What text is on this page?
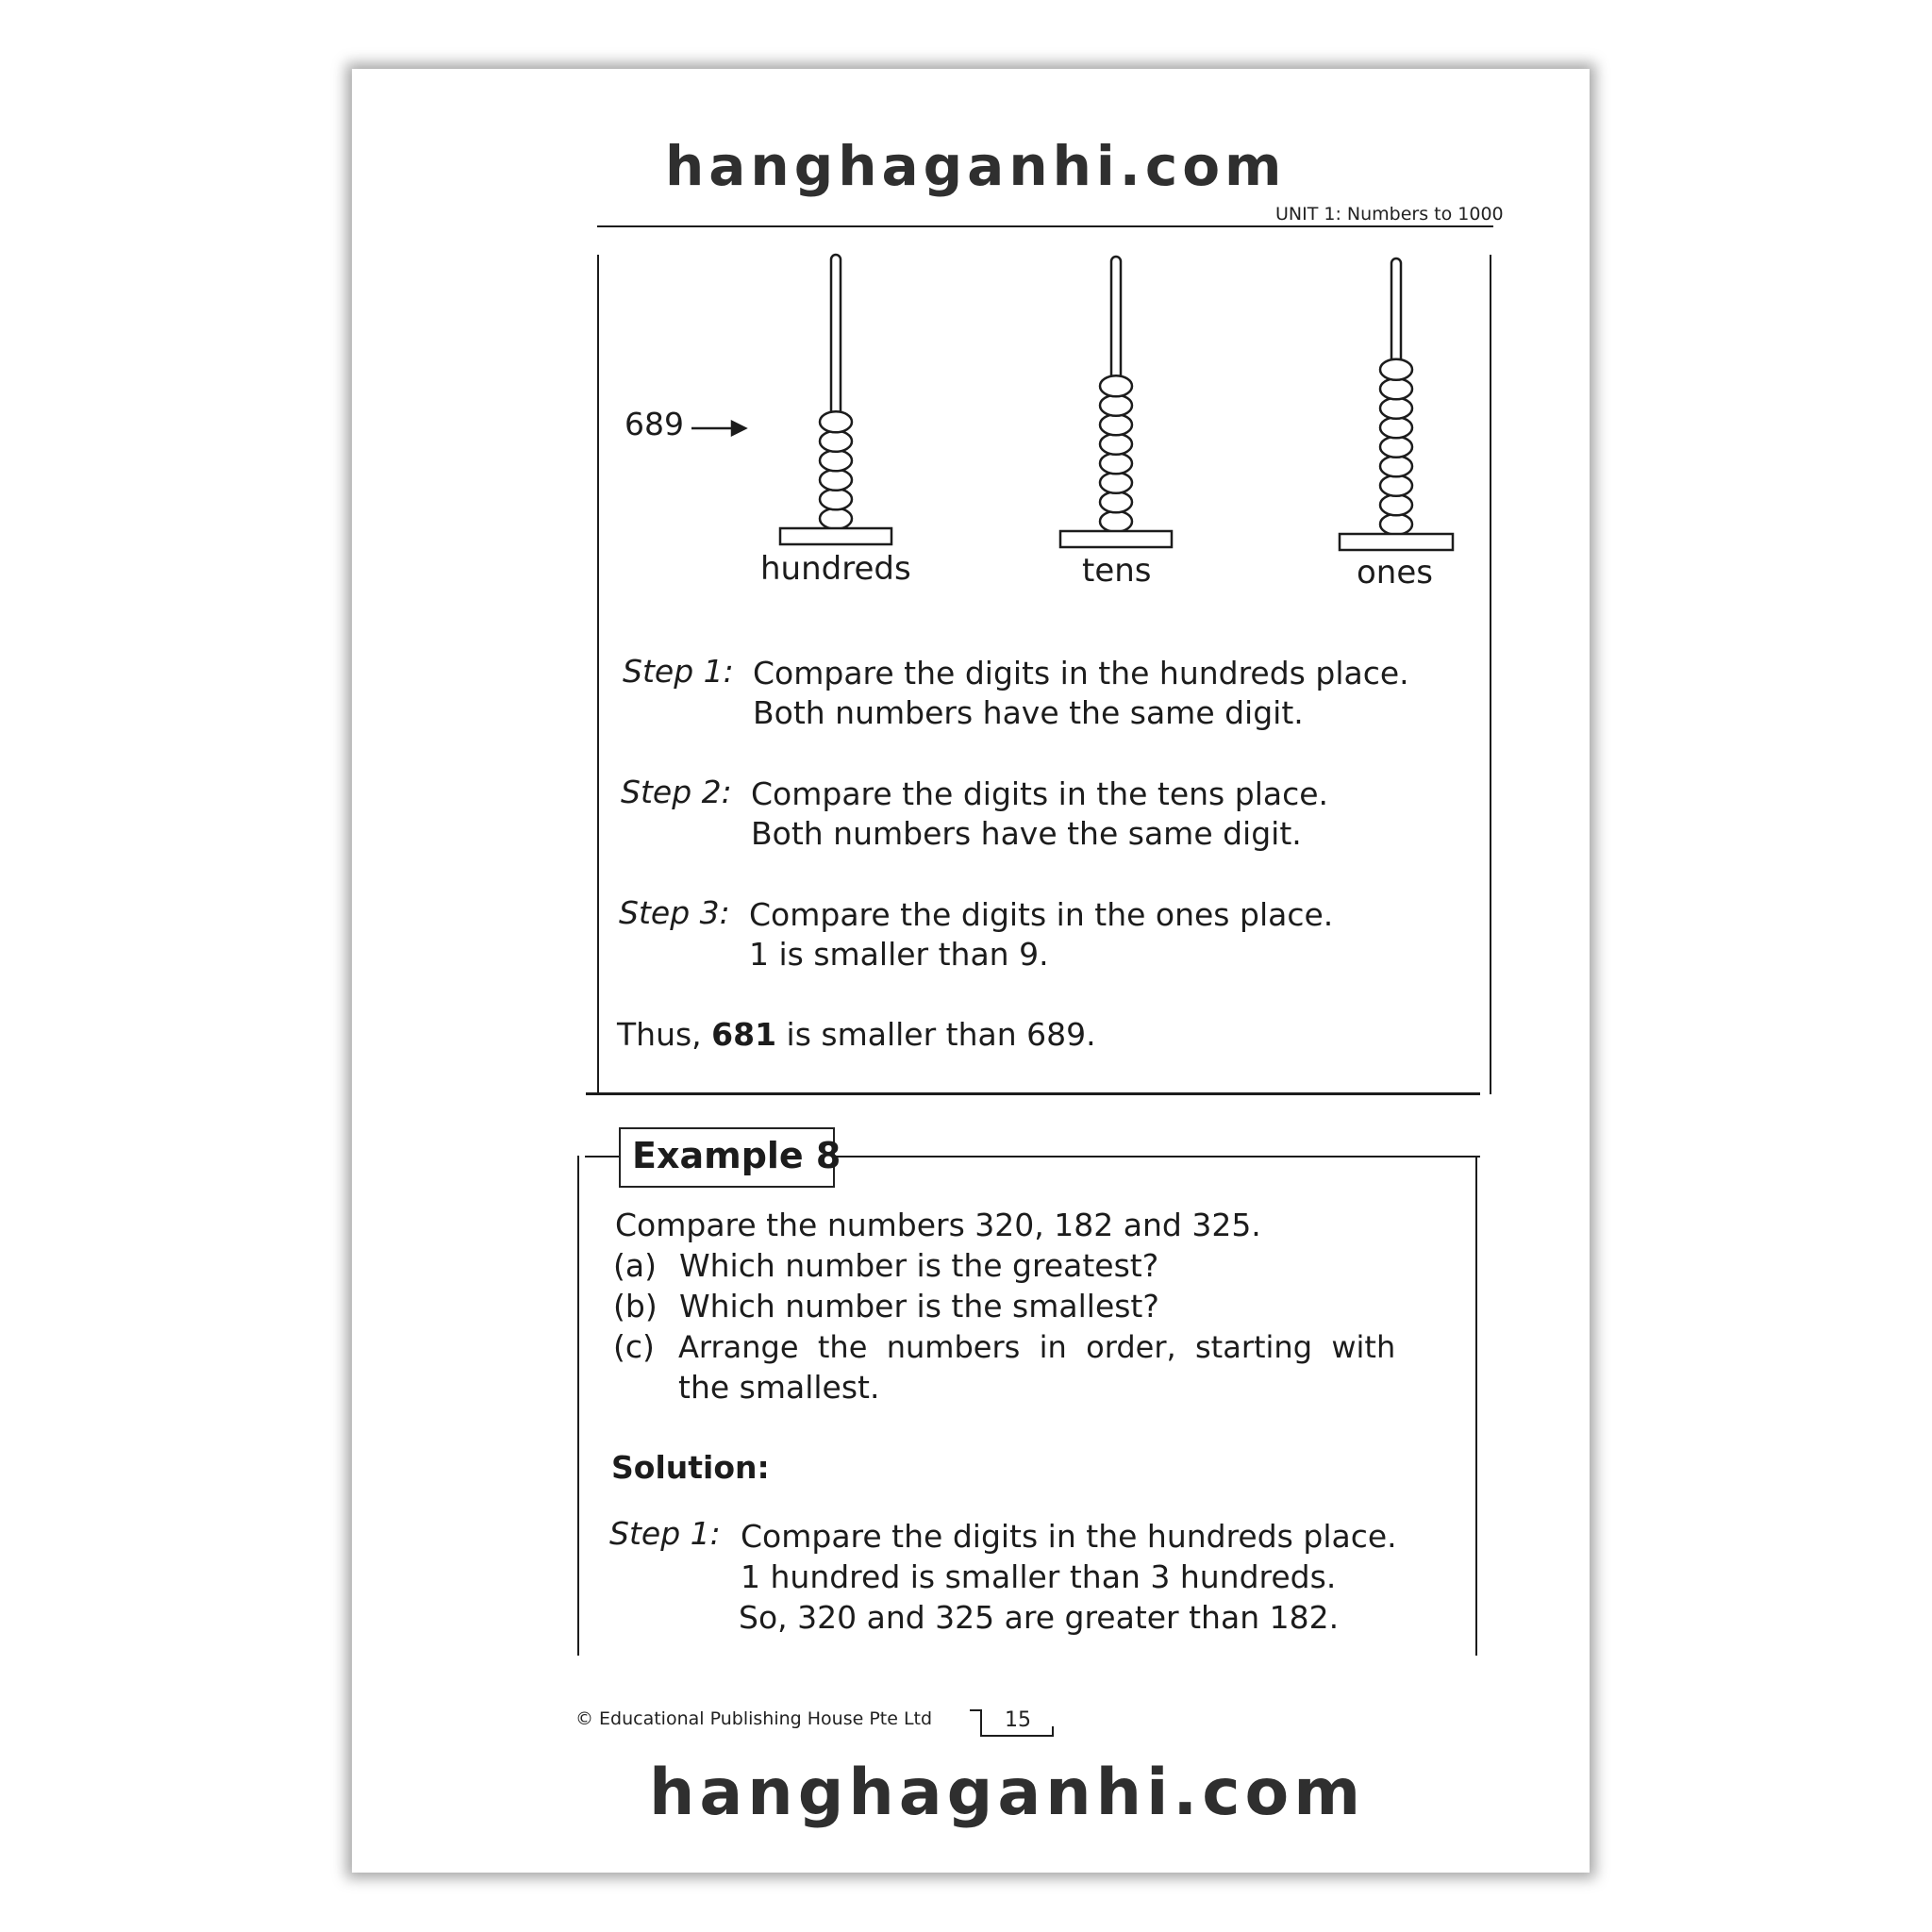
hanghaganhi.com
UNIT 1: Numbers to 1000
689
hundreds	tens	ones
Step 1: Compare the digits in the hundreds place.
Both numbers have the same digit.
Step 2: Compare the digits in the tens place.
Both numbers have the same digit.
Step 3: Compare the digits in the ones place.
1 is smaller than 9.
Thus, 681 is smaller than 689.
Example 8
Compare the numbers 320, 182 and 325.
(a) Which number is the greatest?
(b) Which number is the smallest?
(c) Arrange  the  numbers  in  order,  starting  with
the smallest.
Solution:
Step 1: Compare the digits in the hundreds place.
1 hundred is smaller than 3 hundreds.
So, 320 and 325 are greater than 182.
© Educational Publishing House Pte Ltd	15
hanghaganhi.com
